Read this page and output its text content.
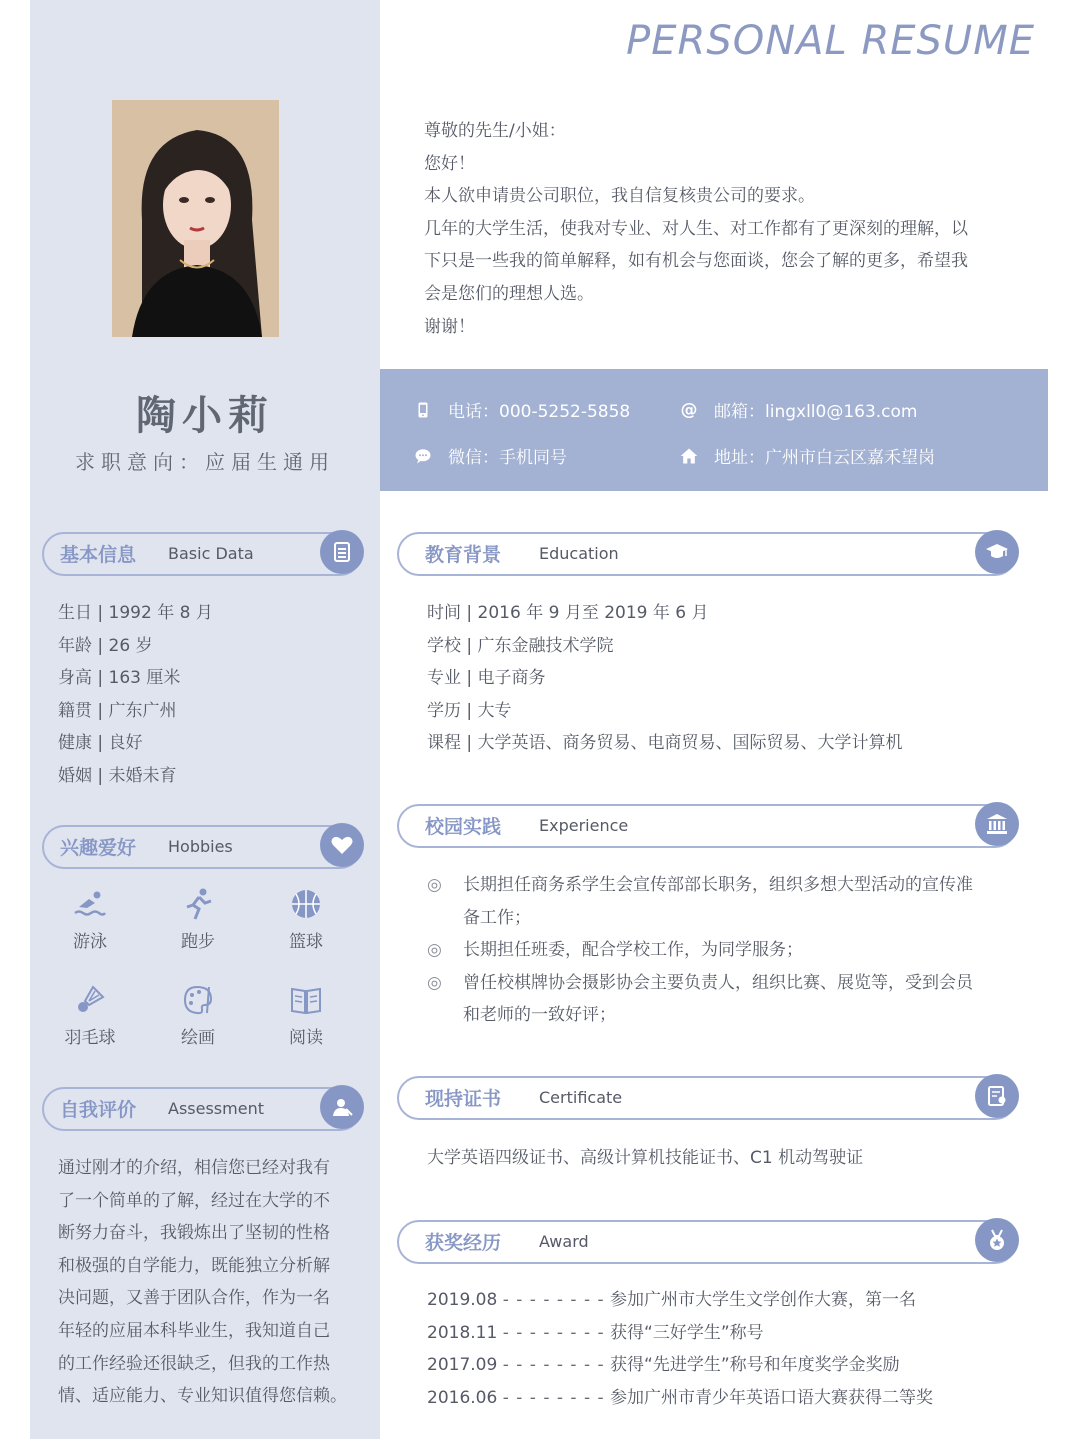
PERSONAL RESUME
陶小莉
求职意向：应届生通用

尊敬的先生/小姐：

您好！

本人欲申请贵公司职位，我自信复核贵公司的要求。

几年的大学生活，使我对专业、对人生、对工作都有了更深刻的理解，以

下只是一些我的简单解释，如有机会与您面谈，您会了解的更多，希望我

会是您们的理想人选。

谢谢！

电话：000-5252-5858	@ 邮箱：lingxll0@163.com
微信：手机同号	地址：广州市白云区嘉禾望岗
基本信息 Basic Data
生日 | 1992 年 8 月
年龄 | 26 岁
身高 | 163 厘米
籍贯 | 广东广州
健康 | 良好
婚姻 | 未婚未育
兴趣爱好 Hobbies
游泳	跑步	篮球
羽毛球	绘画	阅读
自我评价 Assessment
通过刚才的介绍，相信您已经对我有
了一个简单的了解，经过在大学的不
断努力奋斗，我锻炼出了坚韧的性格
和极强的自学能力，既能独立分析解
决问题，又善于团队合作，作为一名
年轻的应届本科毕业生，我知道自己
的工作经验还很缺乏，但我的工作热
情、适应能力、专业知识值得您信赖。
教育背景 Education
时间 | 2016 年 9 月至 2019 年 6 月
学校 | 广东金融技术学院
专业 | 电子商务
学历 | 大专
课程 | 大学英语、商务贸易、电商贸易、国际贸易、大学计算机
校园实践 Experience
◎ 长期担任商务系学生会宣传部部长职务，组织多想大型活动的宣传准
备工作；
◎ 长期担任班委，配合学校工作，为同学服务；
◎ 曾任校棋牌协会摄影协会主要负责人，组织比赛、展览等，受到会员
和老师的一致好评；
现持证书 Certificate
大学英语四级证书、高级计算机技能证书、C1 机动驾驶证
获奖经历 Award
2019.08 - - - - - - - - 参加广州市大学生文学创作大赛，第一名
2018.11 - - - - - - - - 获得“三好学生”称号
2017.09 - - - - - - - - 获得“先进学生”称号和年度奖学金奖励
2016.06 - - - - - - - - 参加广州市青少年英语口语大赛获得二等奖
